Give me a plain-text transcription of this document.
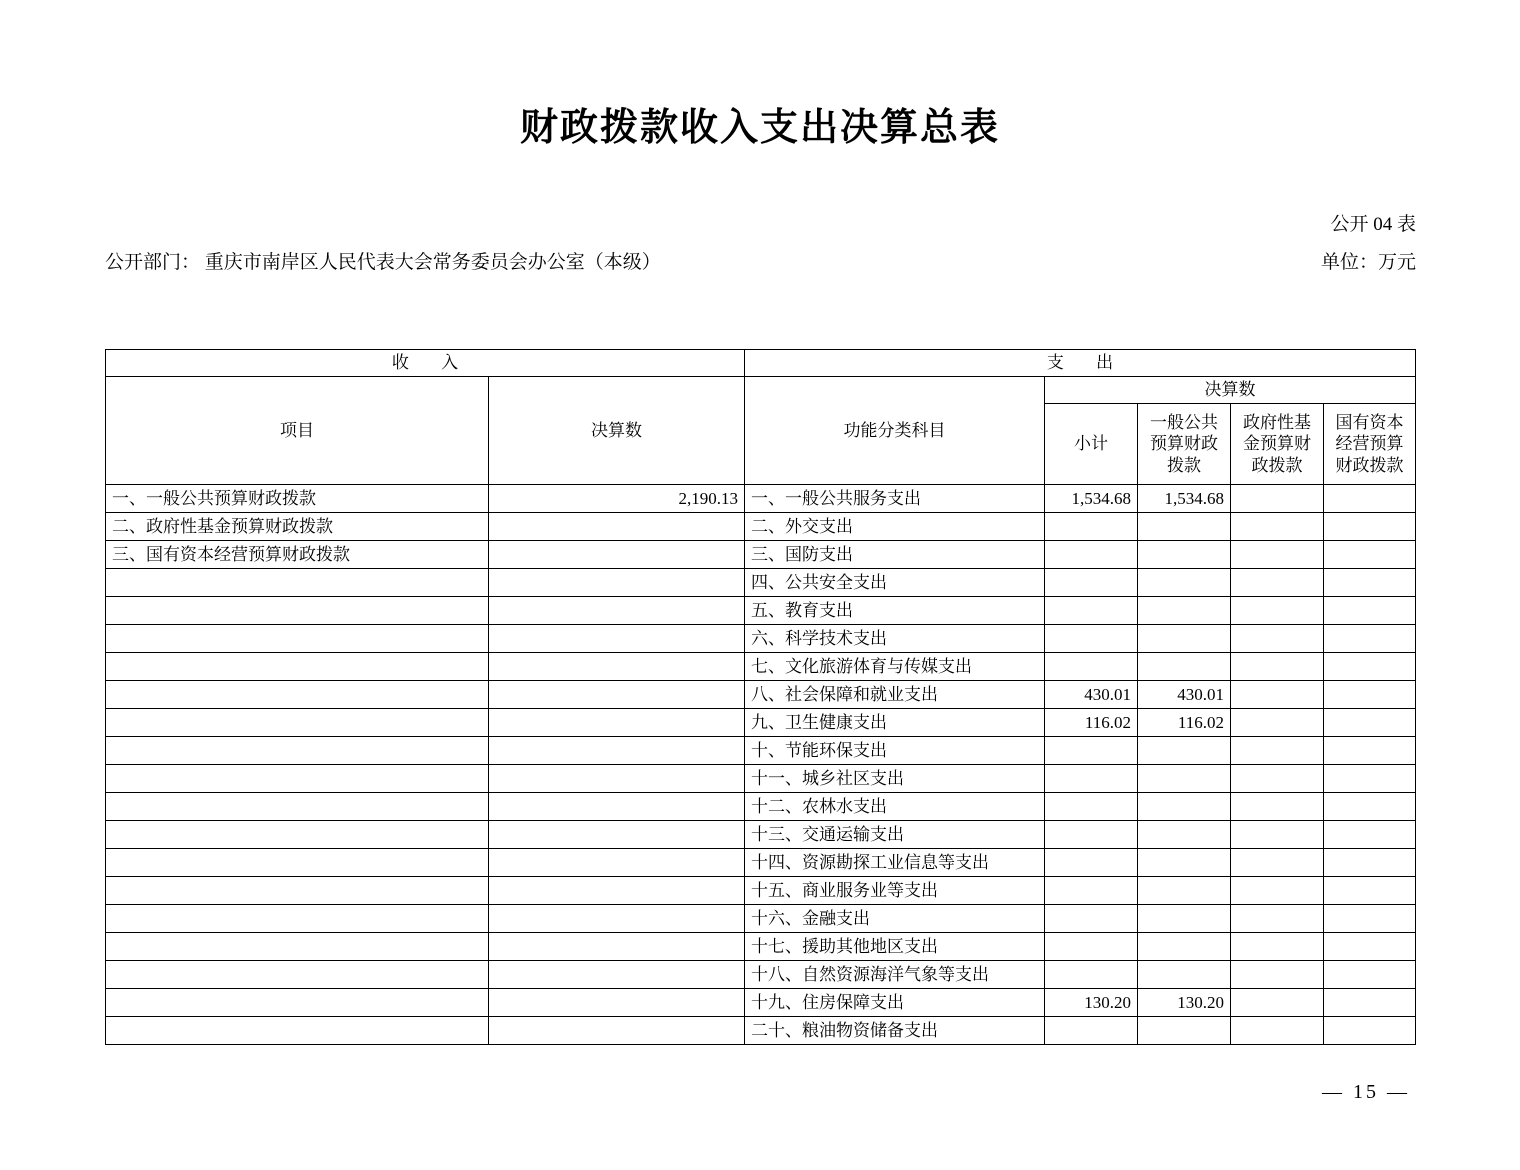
财政拨款收入支出决算总表
公开 04 表
公开部门： 重庆市南岸区人民代表大会常务委员会办公室（本级）	单位：万元
收 入		支 出				
项目	决算数	功能分类科目	决算数			
			小计	一般公共预算财政拨款	政府性基金预算财政拨款	国有资本经营预算财政拨款
一、一般公共预算财政拨款	2,190.13	一、一般公共服务支出	1,534.68	1,534.68		
二、政府性基金预算财政拨款		二、外交支出				
三、国有资本经营预算财政拨款		三、国防支出				
		四、公共安全支出				
		五、教育支出				
		六、科学技术支出				
		七、文化旅游体育与传媒支出				
		八、社会保障和就业支出	430.01	430.01		
		九、卫生健康支出	116.02	116.02		
		十、节能环保支出				
		十一、城乡社区支出				
		十二、农林水支出				
		十三、交通运输支出				
		十四、资源勘探工业信息等支出				
		十五、商业服务业等支出				
		十六、金融支出				
		十七、援助其他地区支出				
		十八、自然资源海洋气象等支出				
		十九、住房保障支出	130.20	130.20		
		二十、粮油物资储备支出				
— 15 —
